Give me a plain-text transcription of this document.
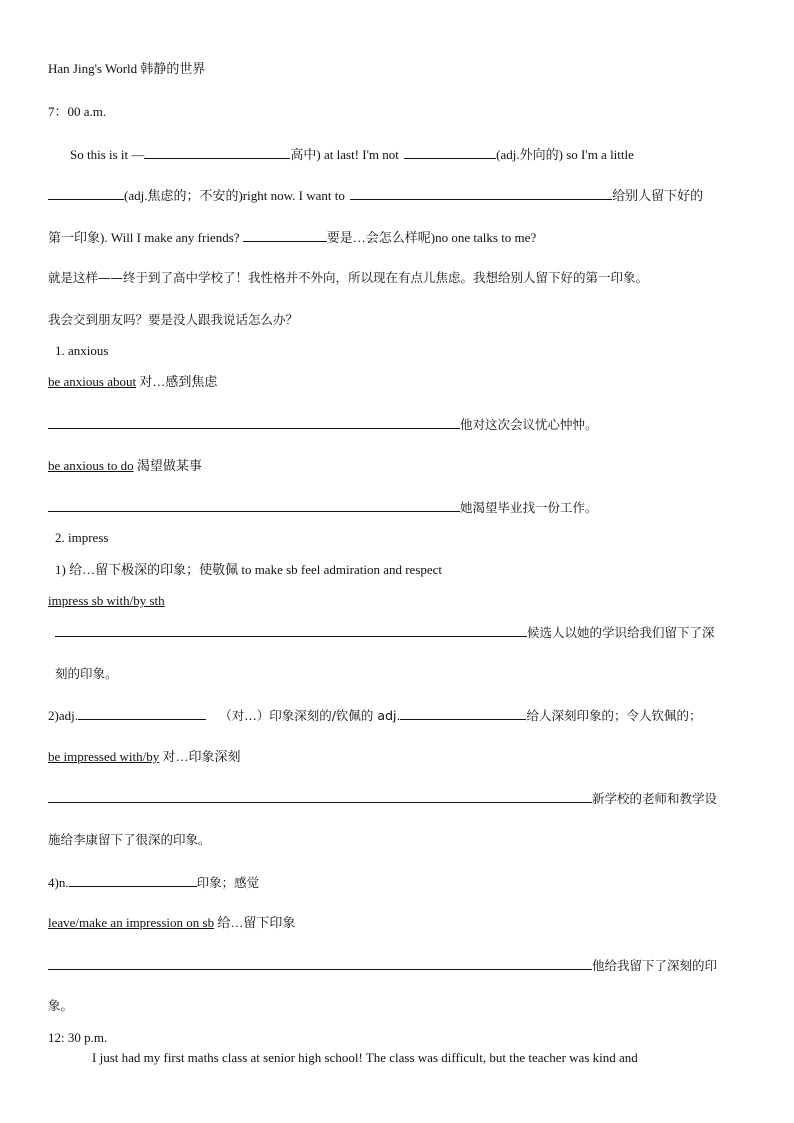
Han Jing's World 韩静的世界
7：00 a.m.
So this is it —	高中) at last! I'm not	(adj.外向的) so I'm a little
(adj.焦虑的；不安的)right now. I want to	给别人留下好的
第一印象). Will I make any friends?	要是…会怎么样呢)no one talks to me?
就是这样——终于到了高中学校了！我性格并不外向，所以现在有点儿焦虑。我想给别人留下好的第一印象。
我会交到朋友吗？要是没人跟我说话怎么办？
1. anxious
be anxious about 对…感到焦虑
他对这次会议忧心忡忡。
be anxious to do 渴望做某事
她渴望毕业找一份工作。
2. impress
1) 给…留下极深的印象；使敬佩 to make sb feel admiration and respect
impress sb with/by sth
候选人以她的学识给我们留下了深
刻的印象。
2)adj.	（对…）印象深刻的/钦佩的 adj.	给人深刻印象的；令人钦佩的；
be impressed with/by 对…印象深刻
新学校的老师和教学设
施给李康留下了很深的印象。
4)n.	印象；感觉
leave/make an impression on sb 给…留下印象
他给我留下了深刻的印
象。
12: 30 p.m.
I just had my first maths class at senior high school! The class was difficult, but the teacher was kind and
